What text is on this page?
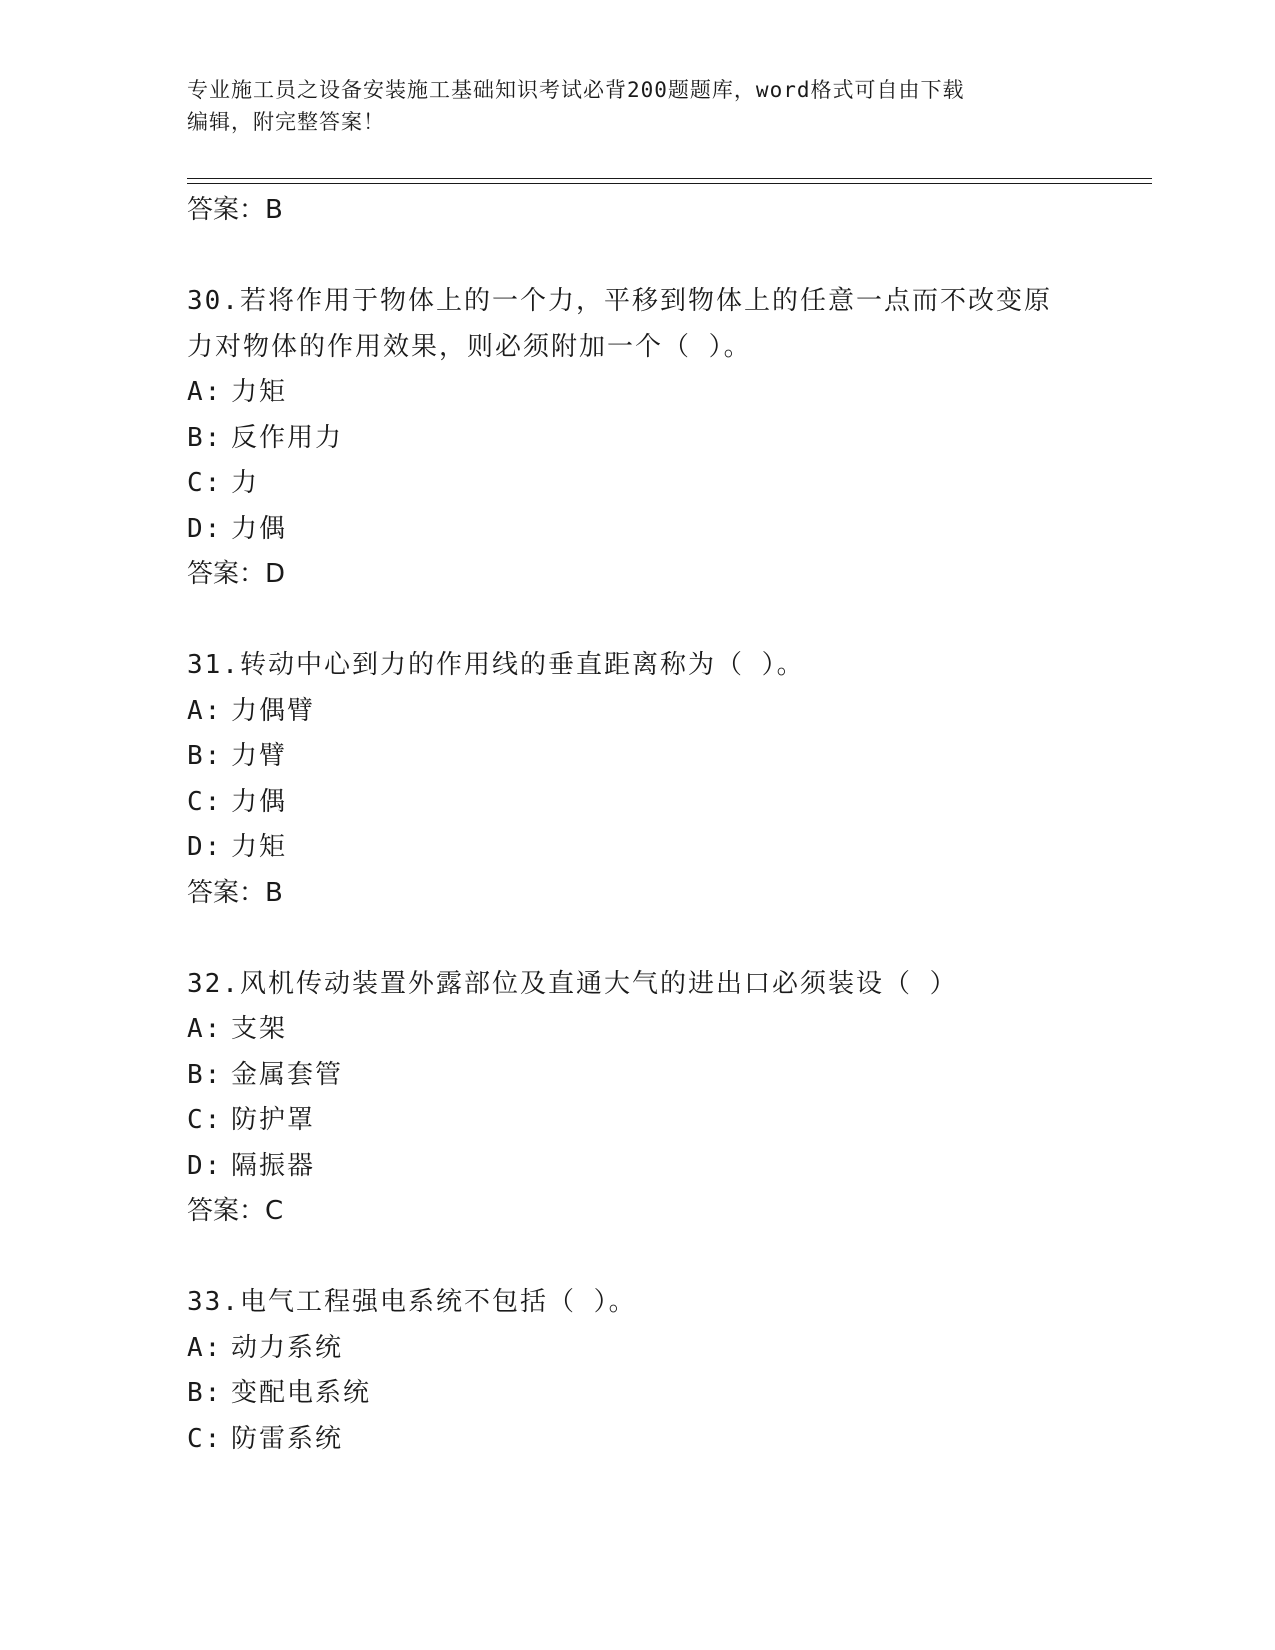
专业施工员之设备安装施工基础知识考试必背200题题库，word格式可自由下载
编辑，附完整答案！
答案：B
30.若将作用于物体上的一个力，平移到物体上的任意一点而不改变原
力对物体的作用效果，则必须附加一个（ ）。
A: 力矩
B: 反作用力
C: 力
D: 力偶
答案：D
31.转动中心到力的作用线的垂直距离称为（ ）。
A: 力偶臂
B: 力臂
C: 力偶
D: 力矩
答案：B
32.风机传动装置外露部位及直通大气的进出口必须装设（ ）
A: 支架
B: 金属套管
C: 防护罩
D: 隔振器
答案：C
33.电气工程强电系统不包括（ ）。
A: 动力系统
B: 变配电系统
C: 防雷系统
